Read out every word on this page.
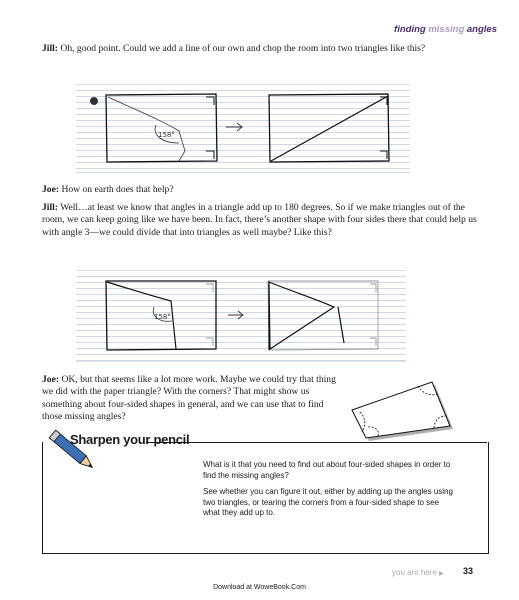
finding missing angles
Jill: Oh, good point. Could we add a line of our own and chop the room into two triangles like this?
158°
Joe: How on earth does that help?
Jill: Well…at least we know that angles in a triangle add up to 180 degrees. So if we make triangles out of the room, we can keep going like we have been. In fact, there’s another shape with four sides there that could help us with angle 3—we could divide that into triangles as well maybe? Like this?
158°
Joe: OK, but that seems like a lot more work. Maybe we could try that thing we did with the paper triangle? With the corners? That might show us something about four-sided shapes in general, and we can use that to find those missing angles?
Sharpen your pencil
What is it that you need to find out about four-sided shapes in order to find the missing angles?
See whether you can figure it out, either by adding up the angles using two triangles, or tearing the corners from a four-sided shape to see what they add up to.
you are here ▶ 33
Download at WoweBook.Com
